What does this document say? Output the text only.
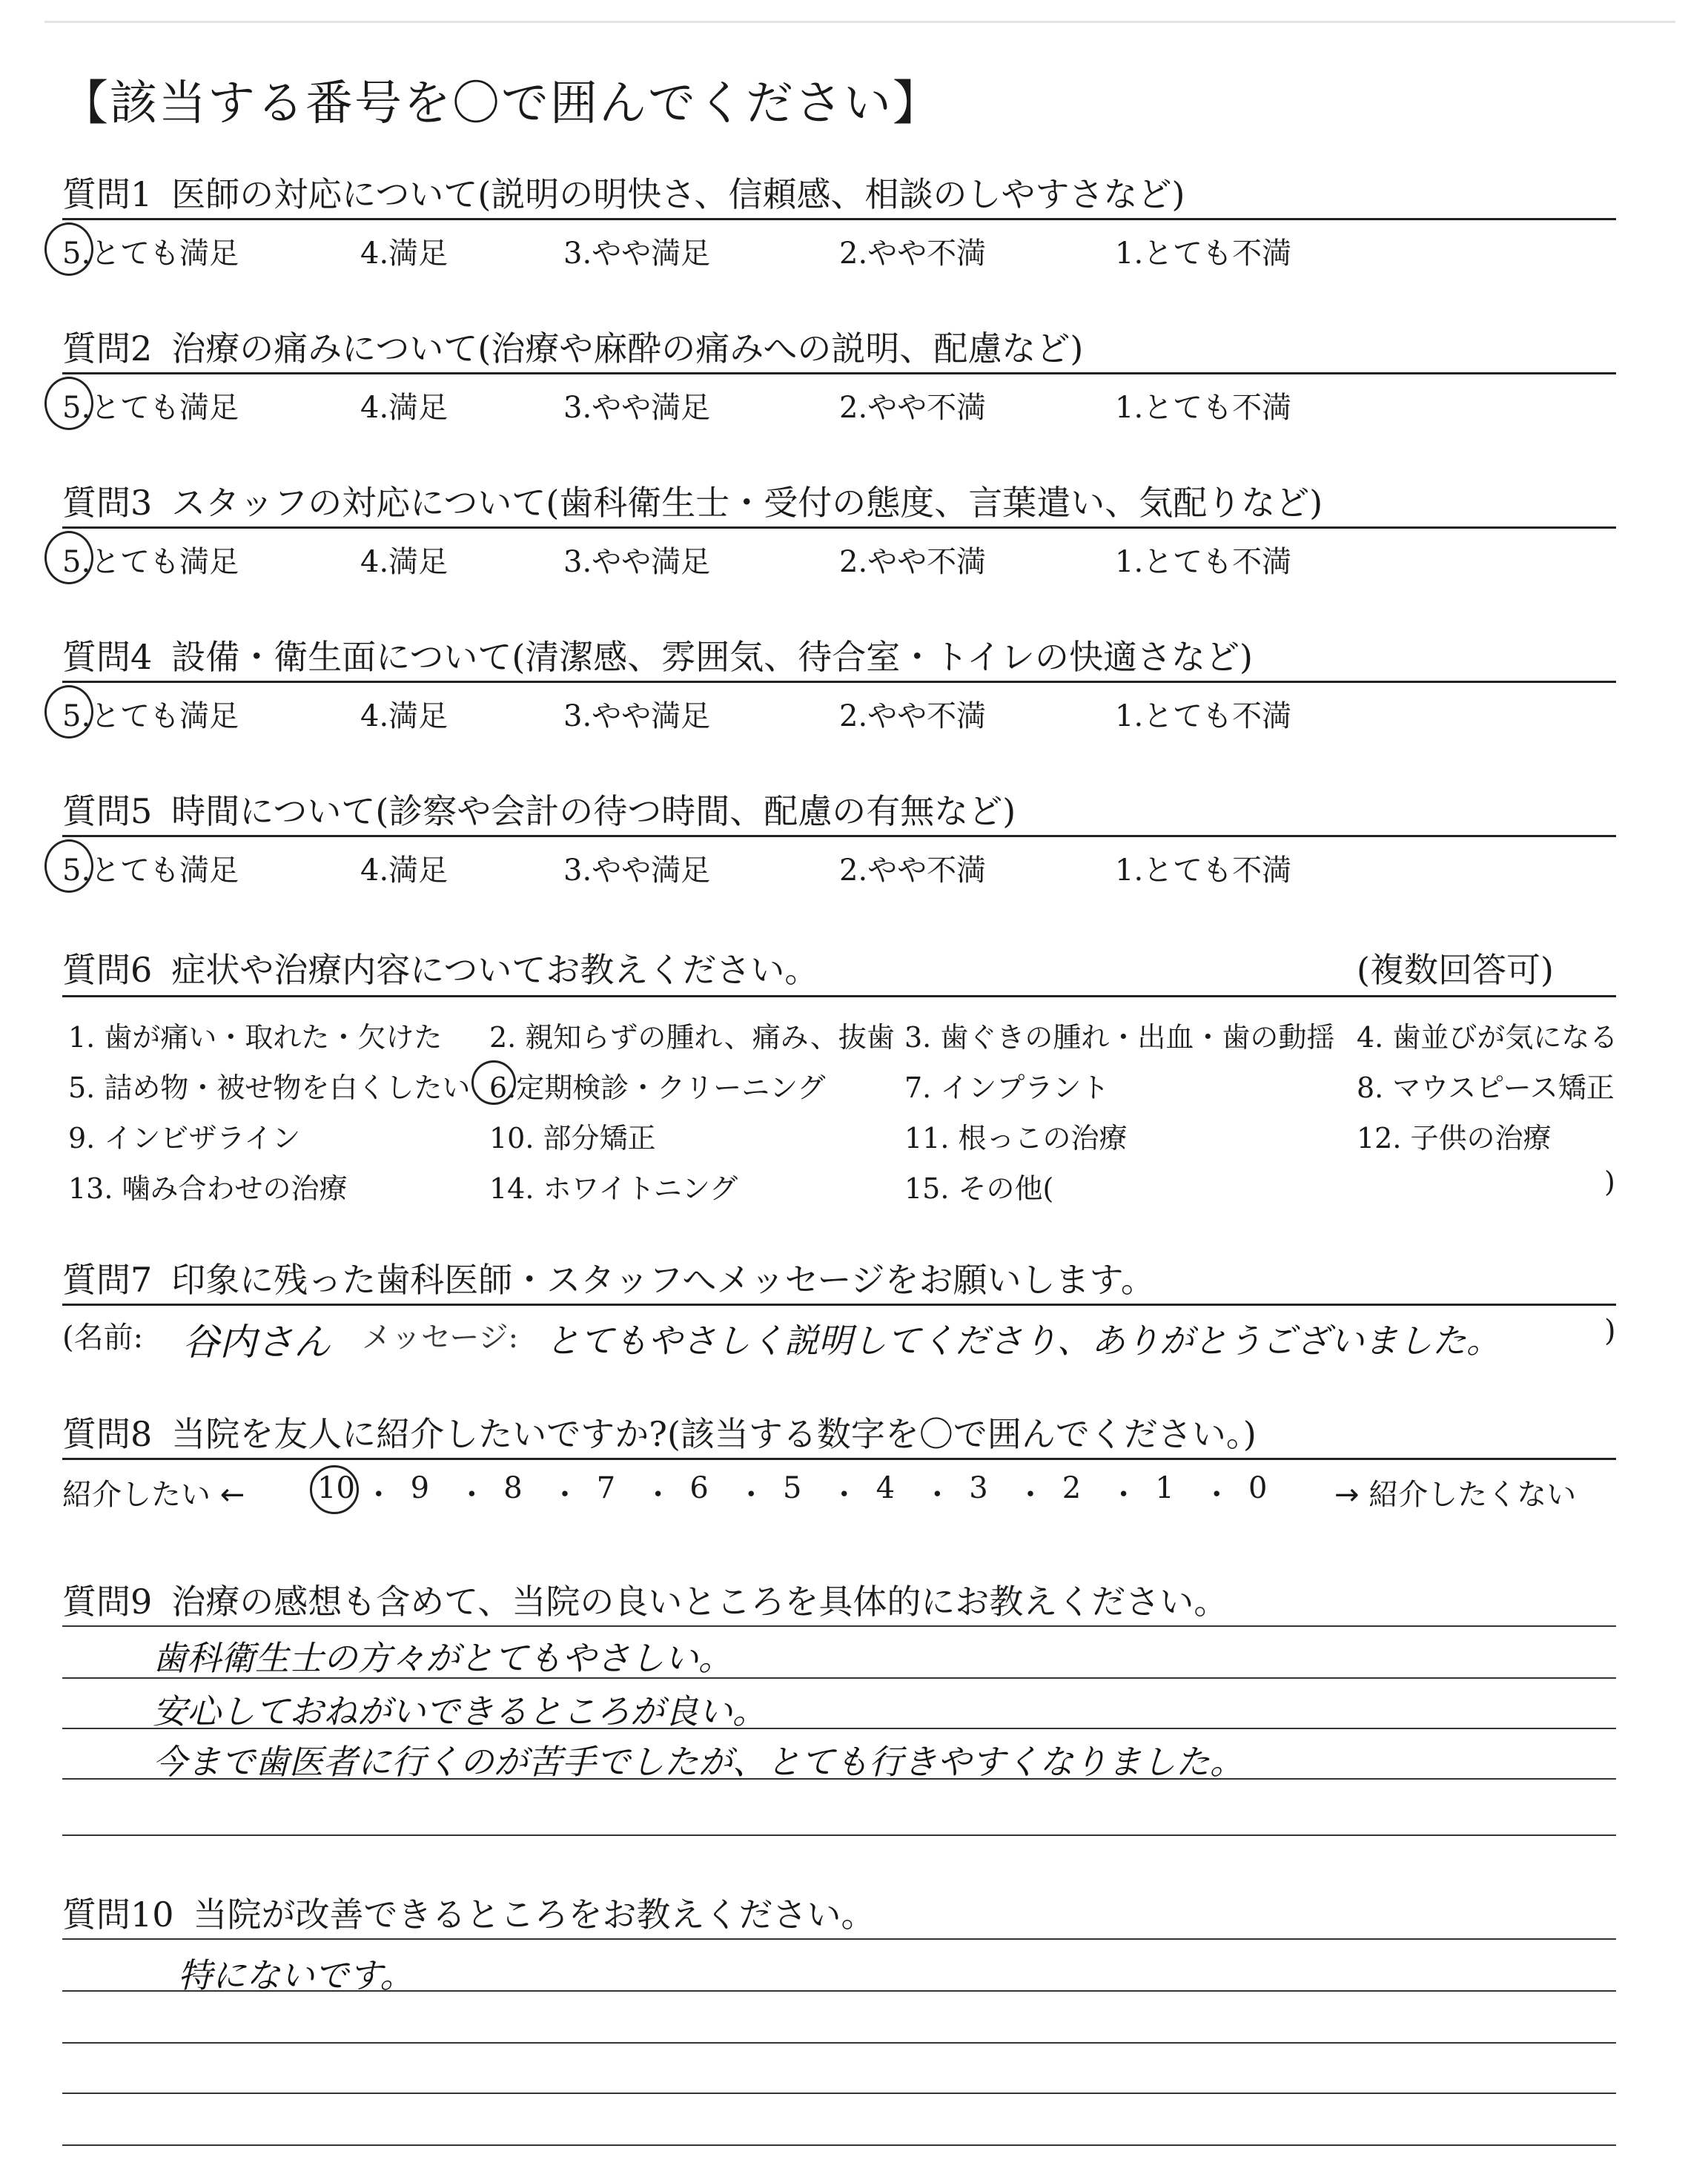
【該当する番号を〇で囲んでください】
質問1 医師の対応について(説明の明快さ、信頼感、相談のしやすさなど)
5.とても満足	4.満足	3.やや満足	2.やや不満	1.とても不満
質問2 治療の痛みについて(治療や麻酔の痛みへの説明、配慮など)
5.とても満足	4.満足	3.やや満足	2.やや不満	1.とても不満
質問3 スタッフの対応について(歯科衛生士・受付の態度、言葉遣い、気配りなど)
5.とても満足	4.満足	3.やや満足	2.やや不満	1.とても不満
質問4 設備・衛生面について(清潔感、雰囲気、待合室・トイレの快適さなど)
5.とても満足	4.満足	3.やや満足	2.やや不満	1.とても不満
質問5 時間について(診察や会計の待つ時間、配慮の有無など)
5.とても満足	4.満足	3.やや満足	2.やや不満	1.とても不満
質問6 症状や治療内容についてお教えください。	(複数回答可)
1. 歯が痛い・取れた・欠けた 2. 親知らずの腫れ、痛み、抜歯 3. 歯ぐきの腫れ・出血・歯の動揺 4. 歯並びが気になる
5. 詰め物・被せ物を白くしたい 6.定期検診・クリーニング	7. インプラント	8. マウスピース矯正
9. インビザライン	10. 部分矯正	11. 根っこの治療	12. 子供の治療
13. 噛み合わせの治療	14. ホワイトニング	15. その他(	)
質問7 印象に残った歯科医師・スタッフへメッセージをお願いします。
(名前: 谷内さん メッセージ: とてもやさしく説明してくださり、ありがとうございました。	)
質問8 当院を友人に紹介したいですか?(該当する数字を〇で囲んでください。)
紹介したい ← 10 ・ 9 ・ 8 ・ 7 ・ 6 ・ 5 ・ 4 ・ 3 ・ 2 ・ 1 ・ 0 → 紹介したくない
質問9 治療の感想も含めて、当院の良いところを具体的にお教えください。
歯科衛生士の方々がとてもやさしい。
安心しておねがいできるところが良い。
今まで歯医者に行くのが苦手でしたが、とても行きやすくなりました。
質問10 当院が改善できるところをお教えください。
特にないです。
